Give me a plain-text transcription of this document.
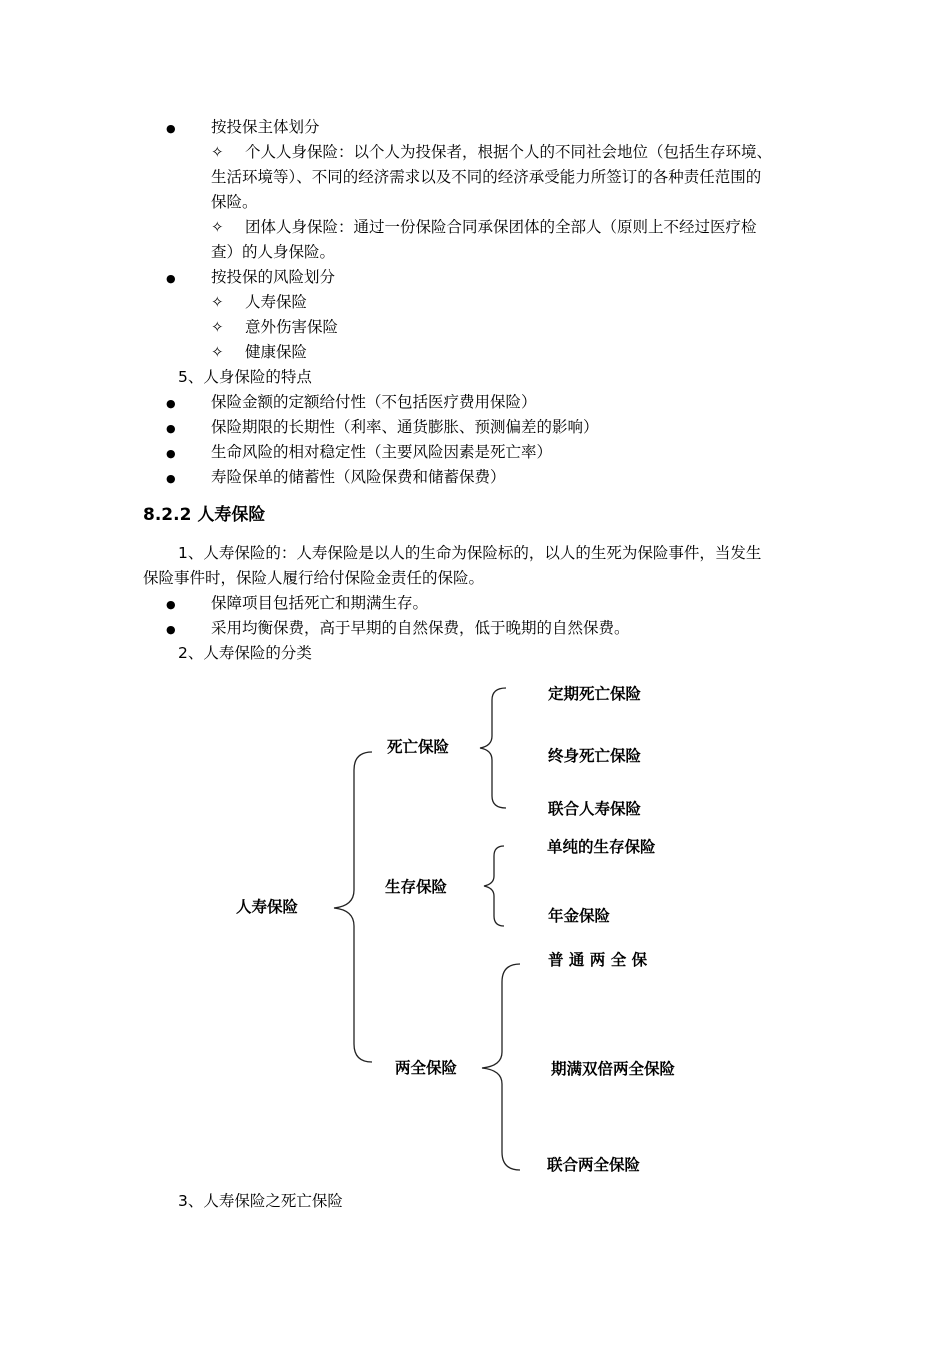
● 按投保主体划分
✧ 个人人身保险：以个人为投保者，根据个人的不同社会地位（包括生存环境、
生活环境等）、不同的经济需求以及不同的经济承受能力所签订的各种责任范围的
保险。
✧ 团体人身保险：通过一份保险合同承保团体的全部人（原则上不经过医疗检
查）的人身保险。
● 按投保的风险划分
✧ 人寿保险
✧ 意外伤害保险
✧ 健康保险
5、人身保险的特点
● 保险金额的定额给付性（不包括医疗费用保险）
● 保险期限的长期性（利率、通货膨胀、预测偏差的影响）
● 生命风险的相对稳定性（主要风险因素是死亡率）
● 寿险保单的储蓄性（风险保费和储蓄保费）
8.2.2 人寿保险
1、人寿保险的：人寿保险是以人的生命为保险标的，以人的生死为保险事件，当发生
保险事件时，保险人履行给付保险金责任的保险。
● 保障项目包括死亡和期满生存。
● 采用均衡保费，高于早期的自然保费，低于晚期的自然保费。
2、人寿保险的分类
人寿保险
死亡保险
定期死亡保险
终身死亡保险
联合人寿保险
生存保险
单纯的生存保险
年金保险
两全保险
普 通 两 全 保
期满双倍两全保险
联合两全保险
3、人寿保险之死亡保险
